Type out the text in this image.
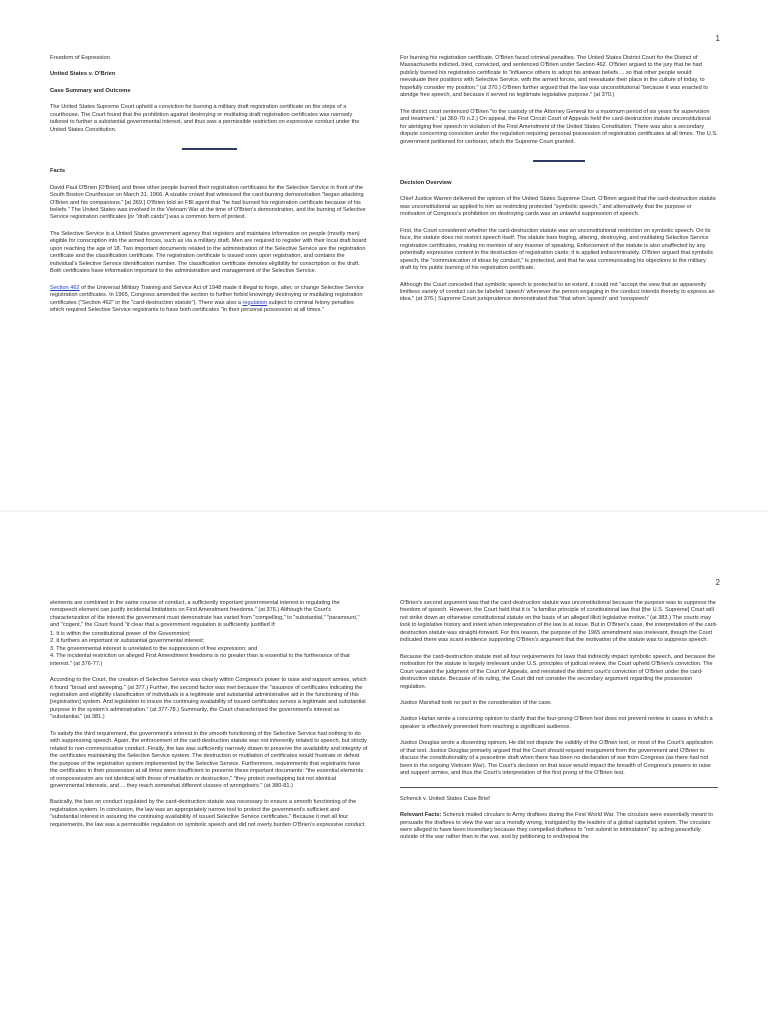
1

Freedom of Expression

United States v. O'Brien

Case Summary and Outcome

The United States Supreme Court upheld a conviction for burning a military draft registration certificate on the steps of a courthouse. The Court found that the prohibition against destroying or mutilating draft registration certificates was narrowly tailored to further a substantial governmental interest, and thus was a permissible restriction on expressive conduct under the United States Constitution.

Facts

David Paul O'Brien [O'Brien] and three other people burned their registration certificates for the Selective Service in front of the South Boston Courthouse on March 31, 1966. A sizable crowd that witnessed the card-burning demonstration "began attacking O'Brien and his companions." [at 369.] O'Brien told an FBI agent that "he had burned his registration certificate because of his beliefs." The United States was involved in the Vietnam War at the time of O'Brien's demonstration, and the burning of Selective Service registration certificates [or "draft cards"] was a common form of protest.

The Selective Service is a United States government agency that registers and maintains information on people (mostly men) eligible for conscription into the armed forces, such as via a military draft. Men are required to register with their local draft board upon reaching the age of 18. Two important documents related to the administration of the Selective Service are the registration certificate and the classification certificate. The registration certificate is issued soon upon registration, and contains the individual's Selective Service identification number. The classification certificate denotes eligibility for conscription or the draft. Both certificates have information important to the administration and management of the Selective Service.

Section 462 of the Universal Military Training and Service Act of 1948 made it illegal to forge, alter, or change Selective Service registration certificates. In 1965, Congress amended the section to further forbid knowingly destroying or mutilating registration certificates ("Section 462" or the "card-destruction statute"). There was also a regulation subject to criminal felony penalties which required Selective Service registrants to have both certificates "in their personal possession at all times."

For burning his registration certificate, O'Brien faced criminal penalties. The United States District Court for the District of Massachusetts indicted, tried, convicted, and sentenced O'Brien under Section 462. O'Brien argued to the jury that he had publicly burned his registration certificate to "influence others to adopt his antiwar beliefs ... so that other people would reevaluate their positions with Selective Service, with the armed forces, and reevaluate their place in the culture of today, to hopefully consider my position." (at 370.) O'Brien further argued that the law was unconstitutional "because it was enacted to abridge free speech, and because it served no legitimate legislative purpose." (at 370.)

The district court sentenced O'Brien "to the custody of the Attorney General for a maximum period of six years for supervision and treatment." (at 369-70 n.2.) On appeal, the First Circuit Court of Appeals held the card-destruction statute unconstitutional for abridging free speech in violation of the First Amendment of the United States Constitution. There was also a secondary dispute concerning conviction under the regulation requiring personal possession of registration certificates at all times. The U.S. government petitioned for certiorari, which the Supreme Court granted.

Decision Overview

Chief Justice Warren delivered the opinion of the United States Supreme Court. O'Brien argued that the card-destruction statute was unconstitutional as applied to him as restricting protected "symbolic speech," and alternatively that the purpose or motivation of Congress's prohibition on destroying cards was an unlawful suppression of speech.

First, the Court considered whether the card-destruction statute was an unconstitutional restriction on symbolic speech. On its face, the statute does not restrict speech itself. The statute bars forging, altering, destroying, and mutilating Selective Service registration certificates, making no mention of any manner of speaking. Enforcement of the statute is also unaffected by any potentially expressive content in the destruction of registration cards; it is applied indiscriminately. O'Brien argued that symbolic speech, the "communication of ideas by conduct," is protected, and that he was communicating his objections to the military draft by his public burning of his registration certificate.

Although the Court conceded that symbolic speech is protected to an extent, it could not "accept the view that an apparently limitless variety of conduct can be labeled 'speech' whenever the person engaging in the conduct intends thereby to express an idea." (at 376.) Supreme Court jurisprudence demonstrated that "that when 'speech' and 'nonspeech'

2

elements are combined in the same course of conduct, a sufficiently important governmental interest in regulating the nonspeech element can justify incidental limitations on First Amendment freedoms." (at 376.) Although the Court's characterization of the interest the government must demonstrate has varied from "compelling," to "substantial," "paramount," and "cogent," the Court found "it clear that a government regulation is sufficiently justified if:

1. It is within the constitutional power of the Government;
2. It furthers an important or substantial governmental interest;
3. The governmental interest is unrelated to the suppression of free expression; and
4. The incidental restriction on alleged First Amendment freedoms is no greater than is essential to the furtherance of that interest." (at 376-77.)

According to the Court, the creation of Selective Service was clearly within Congress's power to raise and support armies, which it found "broad and sweeping." (at 377.) Further, the second factor was met because the "issuance of certificates indicating the registration and eligibility classification of individuals is a legitimate and substantial administrative aid in the functioning of this [registration] system. And legislation to insure the continuing availability of issued certificates serves a legitimate and substantial purpose in the system's administration." (at 377-78.) Summarily, the Court characterized the government's interest as "substantial." (at 381.)

To satisfy the third requirement, the government's interest in the smooth functioning of the Selective Service had nothing to do with suppressing speech. Again, the enforcement of the card-destruction statute was not inherently related to speech, but strictly related to non-communicative conduct. Finally, the law was sufficiently narrowly drawn to preserve the availability and integrity of the certificates maintaining the Selective Service system. The destruction or mutilation of certificates would frustrate or defeat the purpose of the registration system implemented by the Selective Service. Furthermore, requirements that registrants have the certificates in their possession at all times were insufficient to preserve these important documents: "the essential elements of nonpossession are not identical with those of mutilation or destruction," "they protect overlapping but not identical governmental interests, and ... they reach somewhat different classes of wrongdoers." (at 380-81.)

Basically, the ban on conduct regulated by the card-destruction statute was necessary to ensure a smooth functioning of the registration system. In conclusion, the law was an appropriately narrow tool to protect the government's sufficient and "substantial interest in assuring the continuing availability of issued Selective Service certificates." Because it met all four requirements, the law was a permissible regulation on symbolic speech and did not overly burden O'Brien's expressive conduct.

O'Brien's second argument was that the card-destruction statute was unconstitutional because the purpose was to suppress the freedom of speech. However, the Court held that it is "a familiar principle of constitutional law that [the U.S. Supreme] Court will not strike down an otherwise constitutional statute on the basis of an alleged illicit legislative motive." (at 383.) The courts may look to legislative history and intent when interpretation of the law is at issue. But in O'Brien's case, the interpretation of the card-destruction statute was straight-forward. For this reason, the purpose of the 1965 amendment was irrelevant, though the Court indicated there was scant evidence supporting O'Brien's argument that the motivation of the statute was to suppress speech.

Because the card-destruction statute met all four requirements for laws that indirectly impact symbolic speech, and because the motivation for the statute is largely irrelevant under U.S. principles of judicial review, the Court upheld O'Brien's conviction. The Court vacated the judgment of the Court of Appeals, and reinstated the district court's conviction of O'Brien under the card-destruction statute. Because of its ruling, the Court did not consider the secondary argument regarding the possession regulation.

Justice Marshall took no part in the consideration of the case.

Justice Harlan wrote a concurring opinion to clarify that the four-prong O'Brien test does not prevent review in cases in which a speaker is effectively prevented from reaching a significant audience.

Justice Douglas wrote a dissenting opinion. He did not dispute the validity of the O'Brien test, or most of the Court's application of that test. Justice Douglas primarily argued that the Court should request reargument from the government and O'Brien to discuss the constitutionality of a peacetime draft when there has been no declaration of war from Congress (as there had not been in the ongoing Vietnam War). The Court's decision on that issue would impact the breadth of Congress's powers to raise and support armies, and thus the Court's interpretation of the first prong of the O'Brien test.

Schenck v. United States Case Brief

Relevant Facts: Schenck mailed circulars to Army draftees during the First World War. The circulars were essentially meant to persuade the draftees to view the war as a morally wrong, instigated by the leaders of a global capitalist system. The circulars were alleged to have been incendiary because they compelled draftees to "not submit to intimidation" by acting peacefully outside of the war rather than in the war, and by petitioning to end/repeal the
